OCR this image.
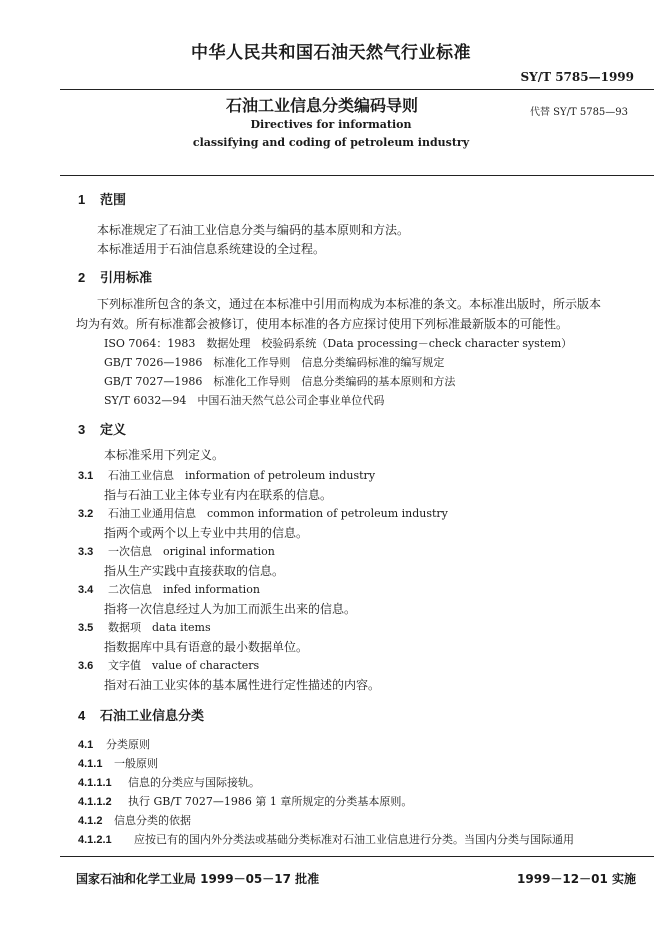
中华人民共和国石油天然气行业标准
SY/T 5785—1999
石油工业信息分类编码导则	代替 SY/T 5785—93
Directives for information
classifying and coding of petroleum industry
1 范围
本标准规定了石油工业信息分类与编码的基本原则和方法。
本标准适用于石油信息系统建设的全过程。
2 引用标准
下列标准所包含的条文，通过在本标准中引用而构成为本标准的条文。本标准出版时，所示版本
均为有效。所有标准都会被修订，使用本标准的各方应探讨使用下列标准最新版本的可能性。
ISO 7064：1983　数据处理　校验码系统（Data processing－check character system）
GB/T 7026—1986　标准化工作导则　信息分类编码标准的编写规定
GB/T 7027—1986　标准化工作导则　信息分类编码的基本原则和方法
SY/T 6032—94　中国石油天然气总公司企事业单位代码
3 定义
本标准采用下列定义。
3.1 石油工业信息　information of petroleum industry
指与石油工业主体专业有内在联系的信息。
3.2 石油工业通用信息　common information of petroleum industry
指两个或两个以上专业中共用的信息。
3.3 一次信息　original information
指从生产实践中直接获取的信息。
3.4 二次信息　infed information
指将一次信息经过人为加工而派生出来的信息。
3.5 数据项　data items
指数据库中具有语意的最小数据单位。
3.6 文字值　value of characters
指对石油工业实体的基本属性进行定性描述的内容。
4 石油工业信息分类
4.1 分类原则
4.1.1 一般原则
4.1.1.1 信息的分类应与国际接轨。
4.1.1.2 执行 GB/T 7027—1986 第 1 章所规定的分类基本原则。
4.1.2 信息分类的依据
4.1.2.1 应按已有的国内外分类法或基础分类标准对石油工业信息进行分类。当国内分类与国际通用
国家石油和化学工业局 1999－05－17 批准	1999－12－01 实施
